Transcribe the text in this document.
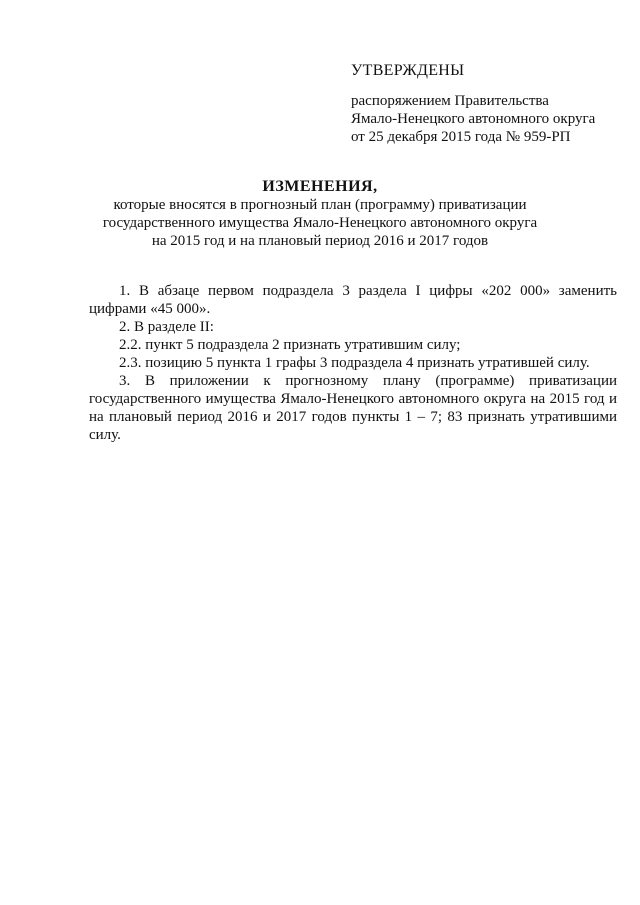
УТВЕРЖДЕНЫ
распоряжением Правительства
Ямало-Ненецкого автономного округа
от 25 декабря 2015 года № 959-РП
ИЗМЕНЕНИЯ,
которые вносятся в прогнозный план (программу) приватизации
государственного имущества Ямало-Ненецкого автономного округа
на 2015 год и на плановый период 2016 и 2017 годов
1. В абзаце первом подраздела 3 раздела I цифры «202 000» заменить
цифрами «45 000».
2. В разделе II:
2.2. пункт 5 подраздела 2 признать утратившим силу;
2.3. позицию 5 пункта 1 графы 3 подраздела 4 признать утратившей силу.
3. В приложении к прогнозному плану (программе) приватизации
государственного имущества Ямало-Ненецкого автономного округа на 2015 год и
на плановый период 2016 и 2017 годов пункты 1 – 7; 83 признать утратившими
силу.
